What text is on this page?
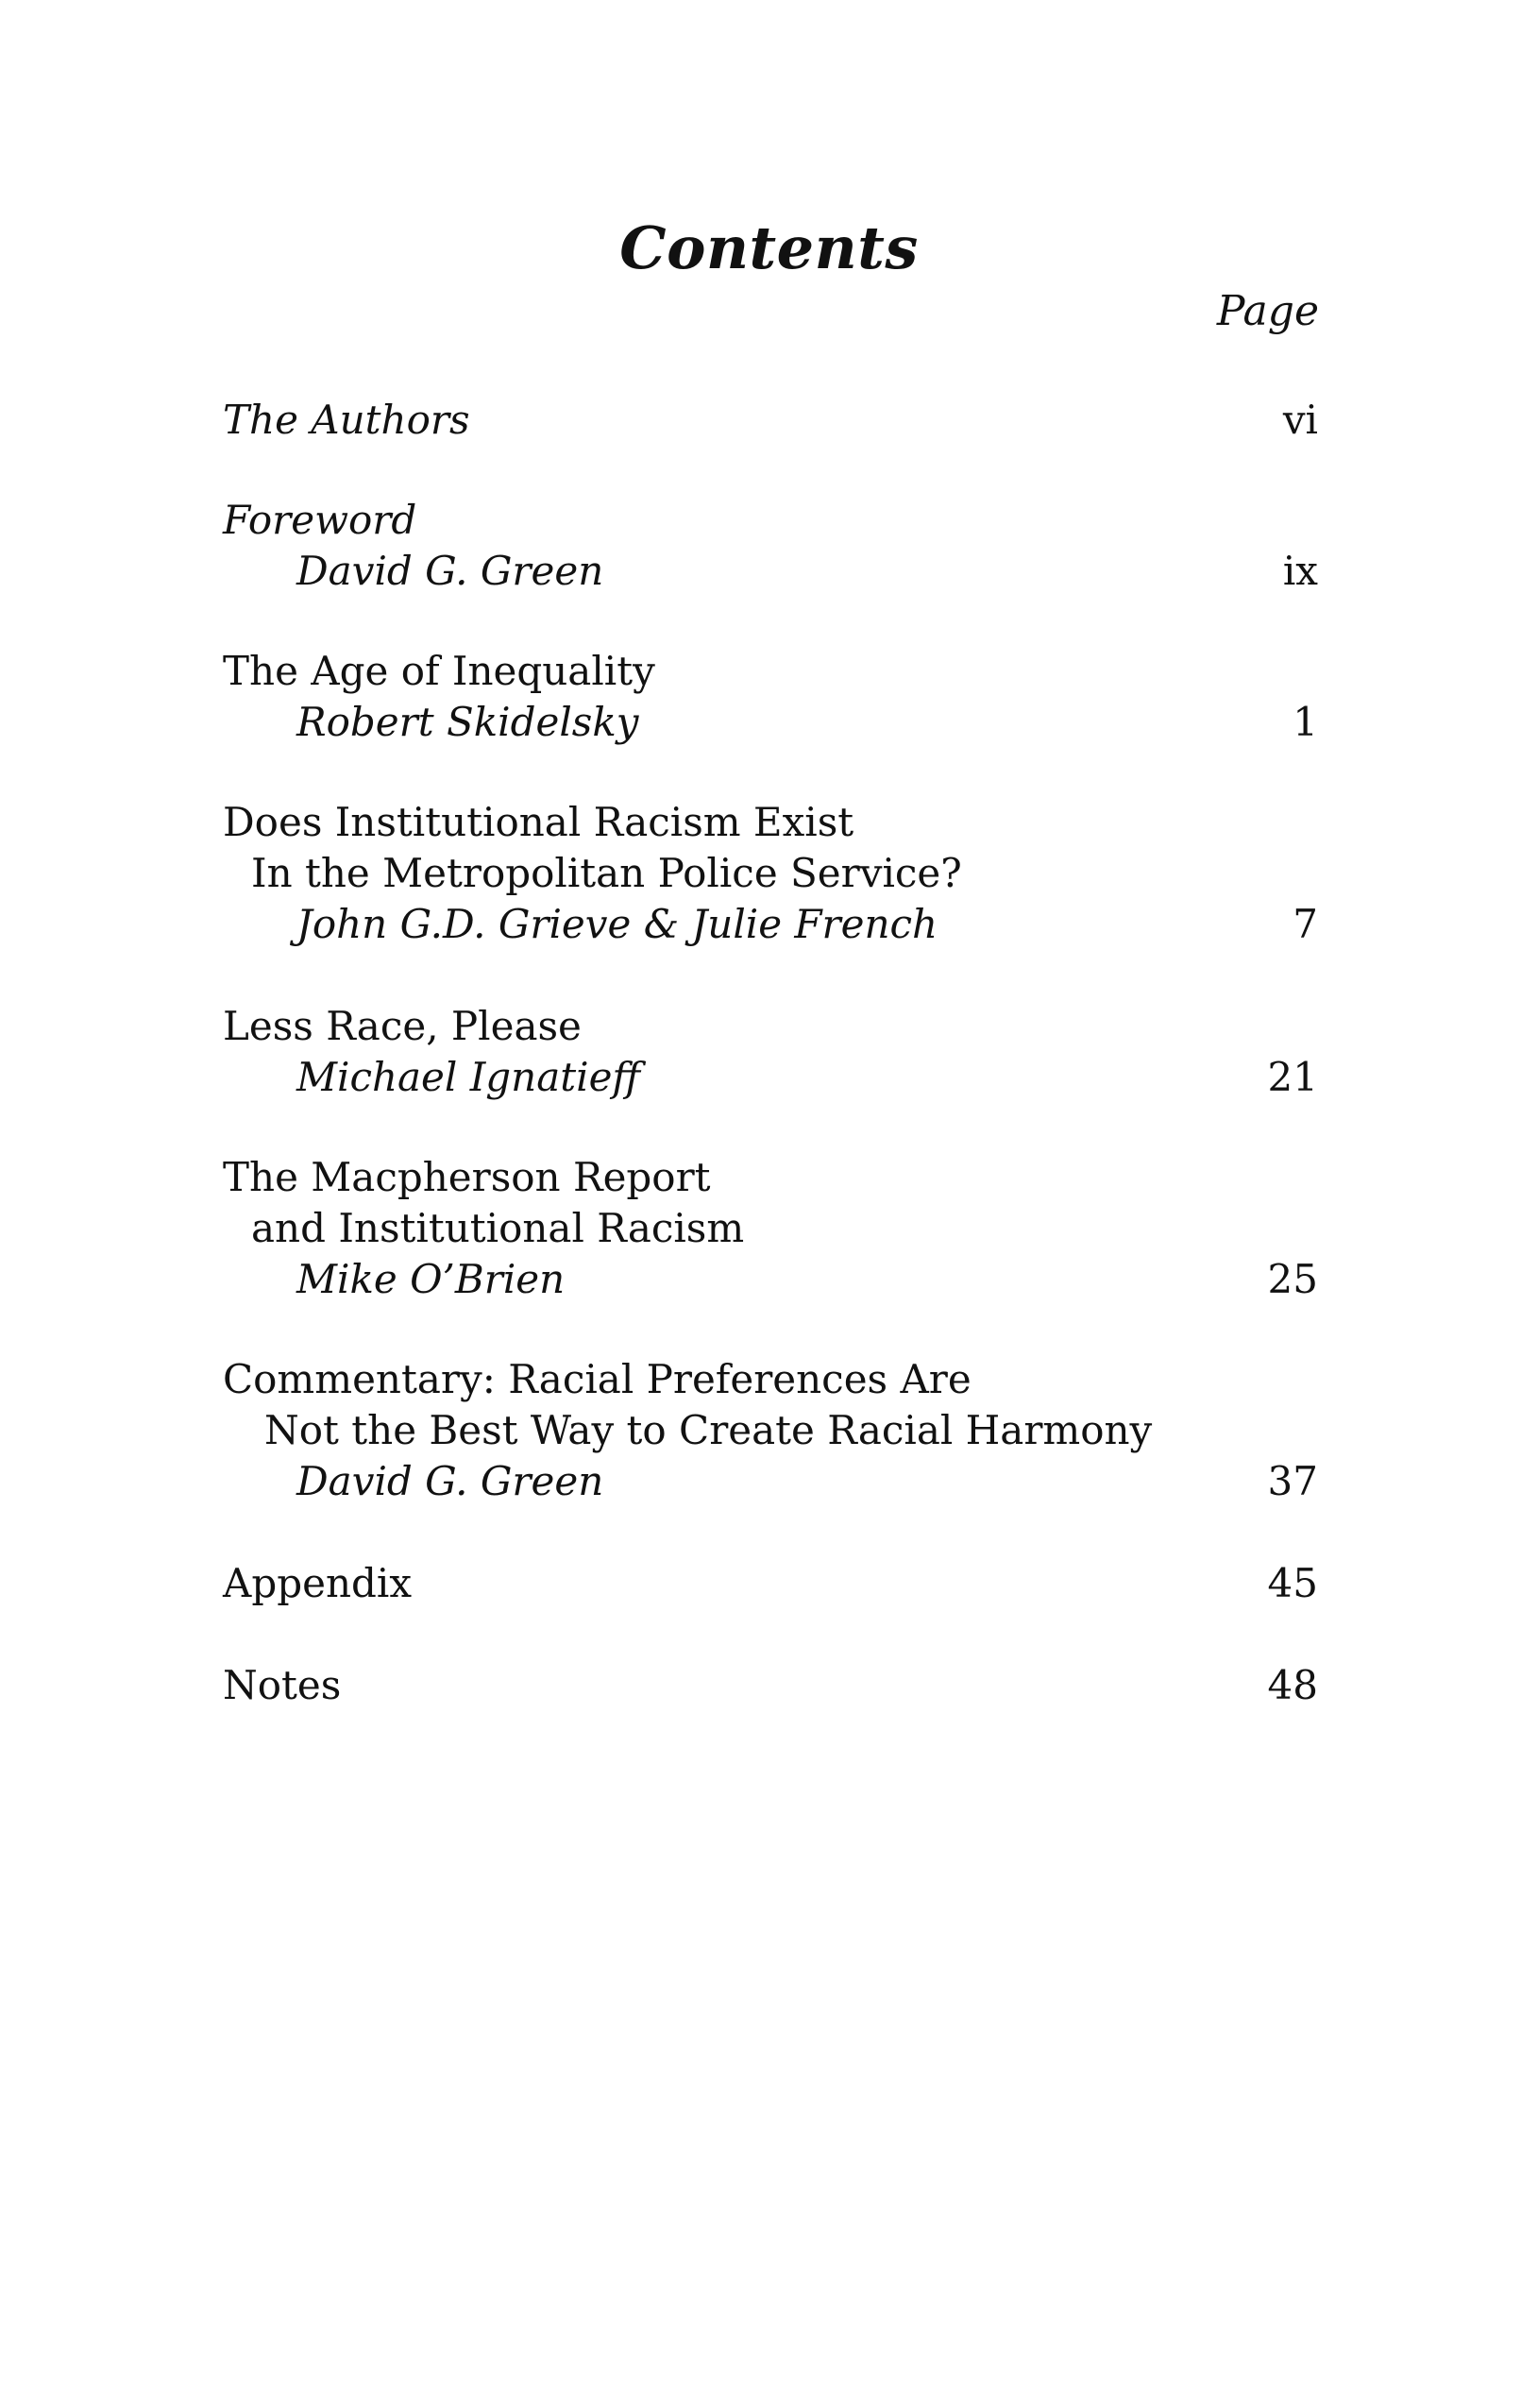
Contents
Page
The Authors	vi
Foreword
David G. Green	ix
The Age of Inequality
Robert Skidelsky	1
Does Institutional Racism Exist
In the Metropolitan Police Service?
John G.D. Grieve & Julie French	7
Less Race, Please
Michael Ignatieff	21
The Macpherson Report
and Institutional Racism
Mike O’Brien	25
Commentary: Racial Preferences Are
Not the Best Way to Create Racial Harmony
David G. Green	37
Appendix	45
Notes	48
